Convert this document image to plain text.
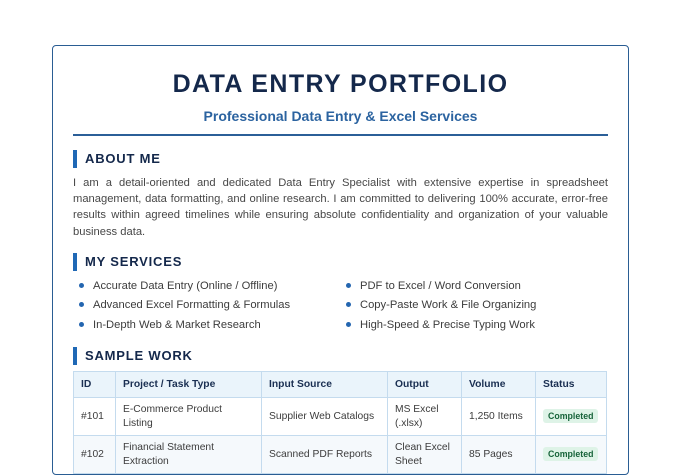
DATA ENTRY PORTFOLIO
Professional Data Entry & Excel Services
ABOUT ME

I am a detail-oriented and dedicated Data Entry Specialist with extensive expertise in spreadsheet management, data formatting, and online research. I am committed to delivering 100% accurate, error-free results within agreed timelines while ensuring absolute confidentiality and organization of your valuable business data.

MY SERVICES
Accurate Data Entry (Online / Offline)
Advanced Excel Formatting & Formulas
In-Depth Web & Market Research
PDF to Excel / Word Conversion
Copy-Paste Work & File Organizing
High-Speed & Precise Typing Work
SAMPLE WORK
ID	Project / Task Type	Input Source	Output	Volume	Status
#101	E-Commerce Product Listing	Supplier Web Catalogs	MS Excel (.xlsx)	1,250 Items	Completed
#102	Financial Statement Extraction	Scanned PDF Reports	Clean Excel Sheet	85 Pages	Completed
